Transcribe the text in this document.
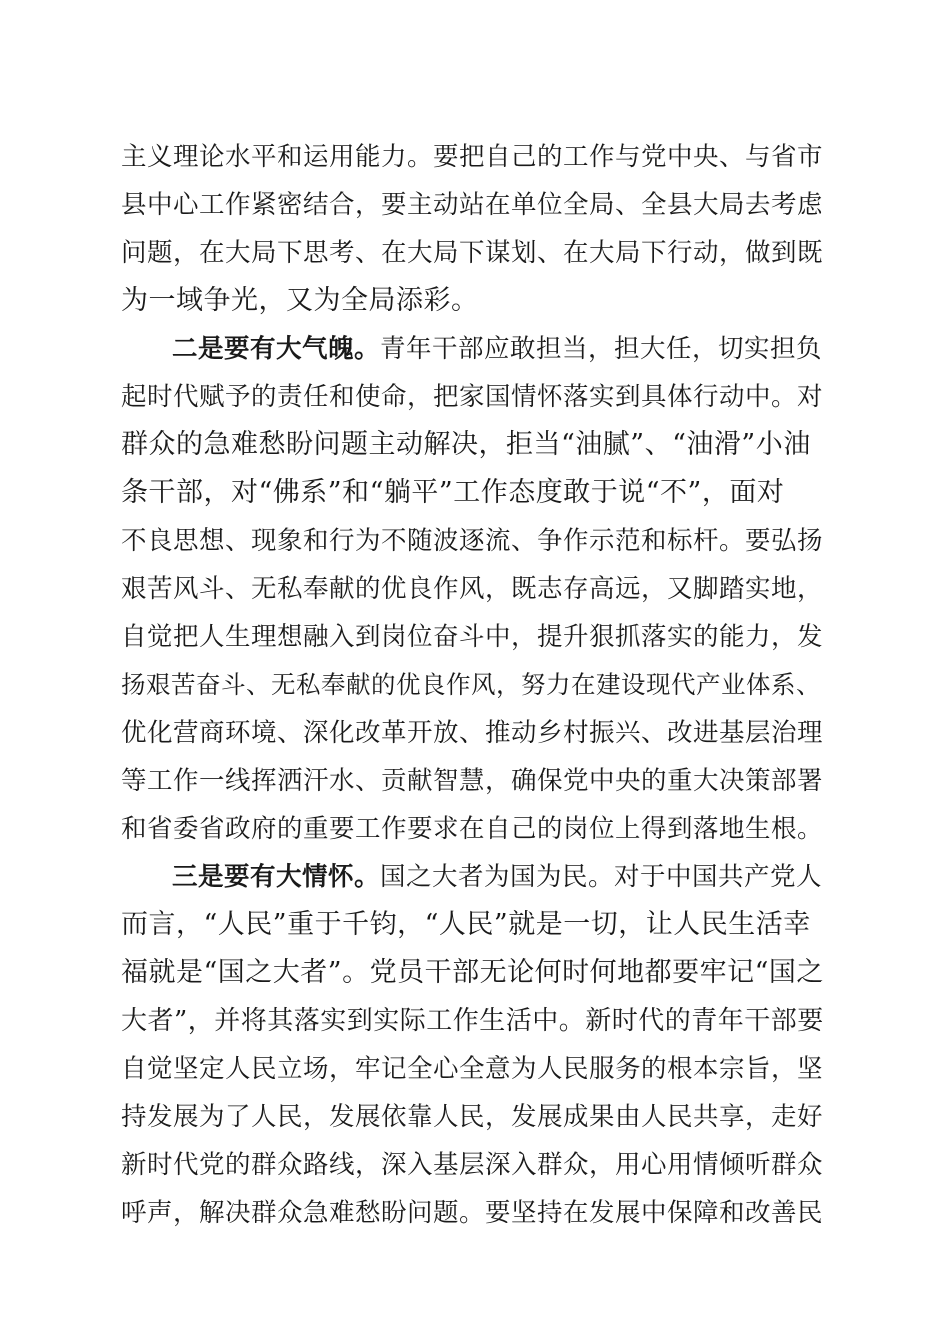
主义理论水平和运用能力。要把自己的工作与党中央、与省市
县中心工作紧密结合，要主动站在单位全局、全县大局去考虑
问题，在大局下思考、在大局下谋划、在大局下行动，做到既
为一域争光，又为全局添彩。
二是要有大气魄。青年干部应敢担当，担大任，切实担负
起时代赋予的责任和使命，把家国情怀落实到具体行动中。对
群众的急难愁盼问题主动解决，拒当“油腻”、“油滑”小油
条干部，对“佛系”和“躺平”工作态度敢于说“不”，面对
不良思想、现象和行为不随波逐流、争作示范和标杆。要弘扬
艰苦风斗、无私奉献的优良作风，既志存高远，又脚踏实地，
自觉把人生理想融入到岗位奋斗中，提升狠抓落实的能力，发
扬艰苦奋斗、无私奉献的优良作风，努力在建设现代产业体系、
优化营商环境、深化改革开放、推动乡村振兴、改进基层治理
等工作一线挥洒汗水、贡献智慧，确保党中央的重大决策部署
和省委省政府的重要工作要求在自己的岗位上得到落地生根。
三是要有大情怀。国之大者为国为民。对于中国共产党人
而言，“人民”重于千钧，“人民”就是一切，让人民生活幸
福就是“国之大者”。党员干部无论何时何地都要牢记“国之
大者”，并将其落实到实际工作生活中。新时代的青年干部要
自觉坚定人民立场，牢记全心全意为人民服务的根本宗旨，坚
持发展为了人民，发展依靠人民，发展成果由人民共享，走好
新时代党的群众路线，深入基层深入群众，用心用情倾听群众
呼声，解决群众急难愁盼问题。要坚持在发展中保障和改善民
